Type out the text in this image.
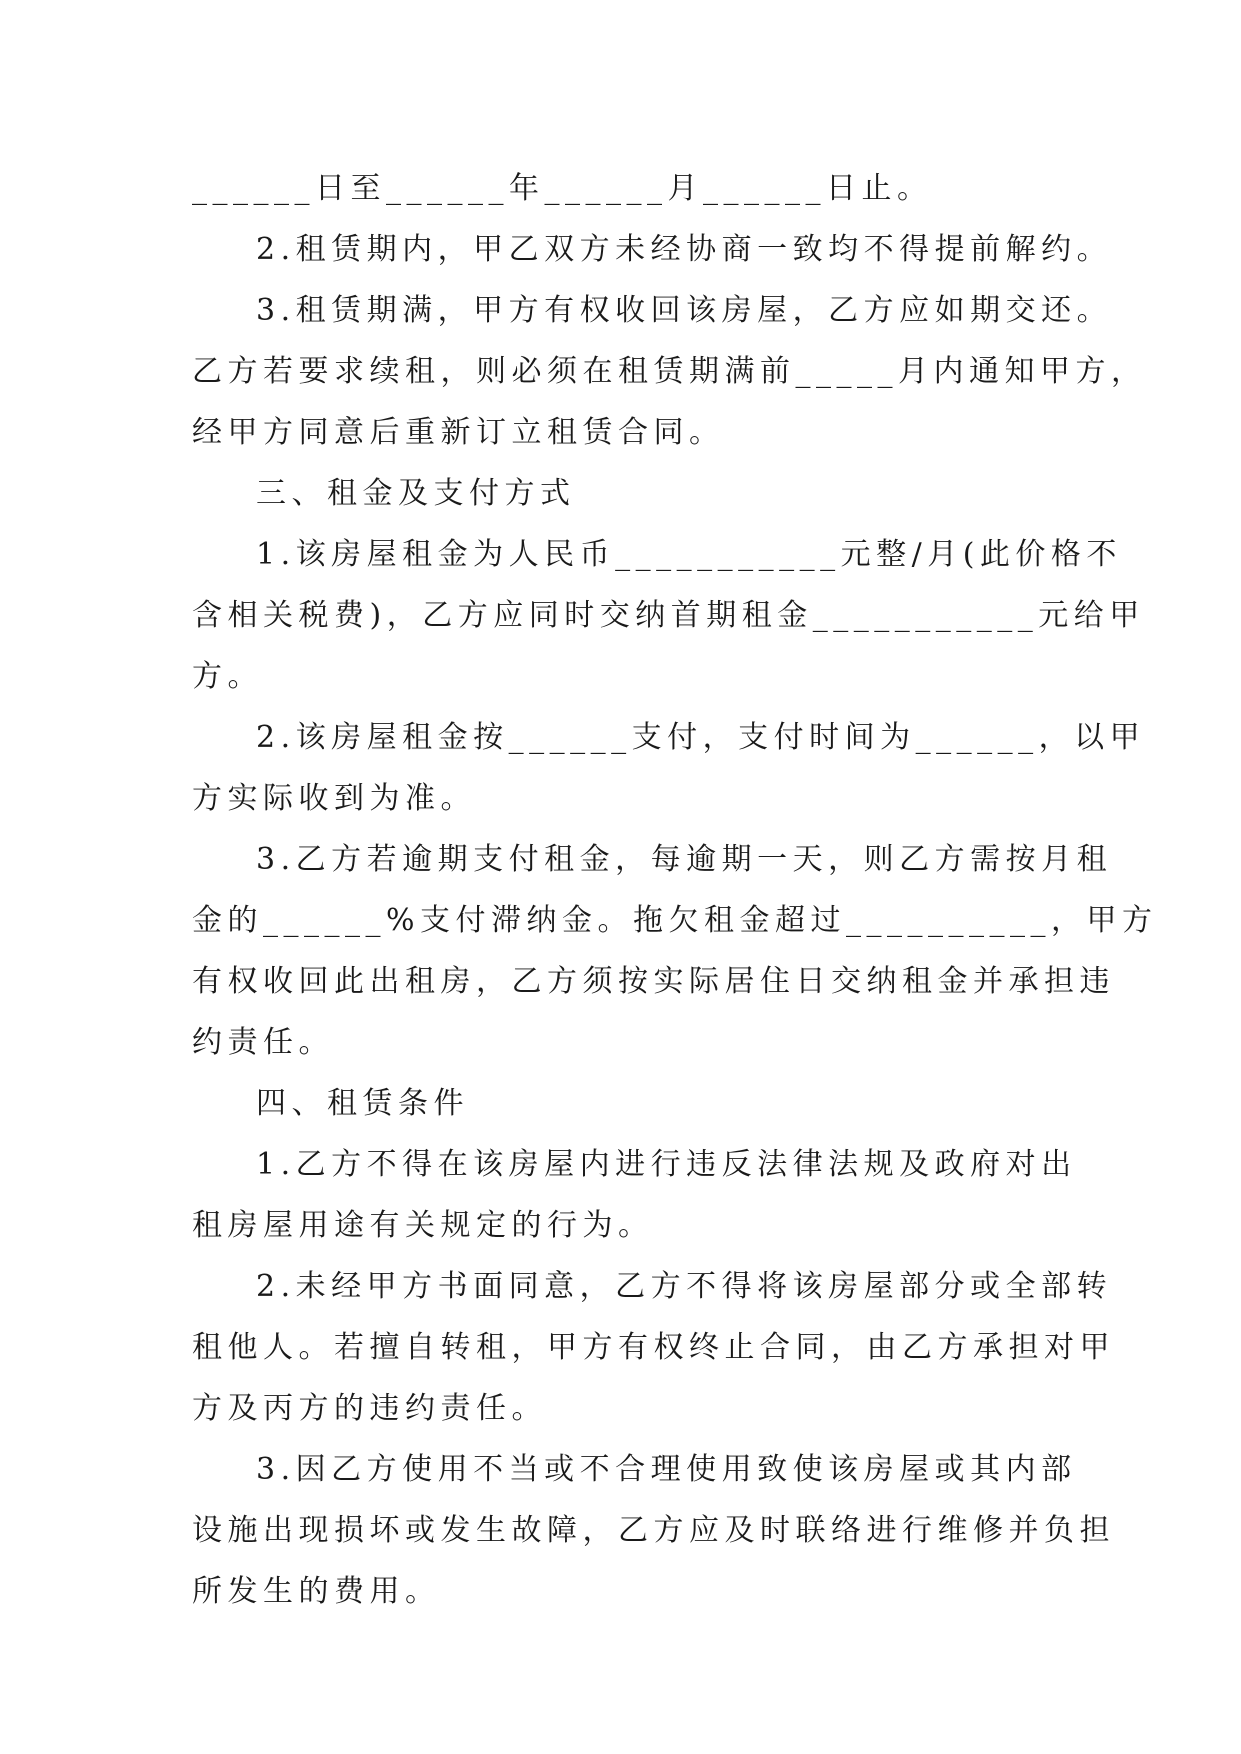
______日至______年______月______日止。
2.租赁期内，甲乙双方未经协商一致均不得提前解约。
3.租赁期满，甲方有权收回该房屋，乙方应如期交还。
乙方若要求续租，则必须在租赁期满前_____月内通知甲方，
经甲方同意后重新订立租赁合同。
三、租金及支付方式
1.该房屋租金为人民币___________元整/月(此价格不
含相关税费)，乙方应同时交纳首期租金___________元给甲
方。
2.该房屋租金按______支付，支付时间为______，以甲
方实际收到为准。
3.乙方若逾期支付租金，每逾期一天，则乙方需按月租
金的______%支付滞纳金。拖欠租金超过__________，甲方
有权收回此出租房，乙方须按实际居住日交纳租金并承担违
约责任。
四、租赁条件
1.乙方不得在该房屋内进行违反法律法规及政府对出
租房屋用途有关规定的行为。
2.未经甲方书面同意，乙方不得将该房屋部分或全部转
租他人。若擅自转租，甲方有权终止合同，由乙方承担对甲
方及丙方的违约责任。
3.因乙方使用不当或不合理使用致使该房屋或其内部
设施出现损坏或发生故障，乙方应及时联络进行维修并负担
所发生的费用。
